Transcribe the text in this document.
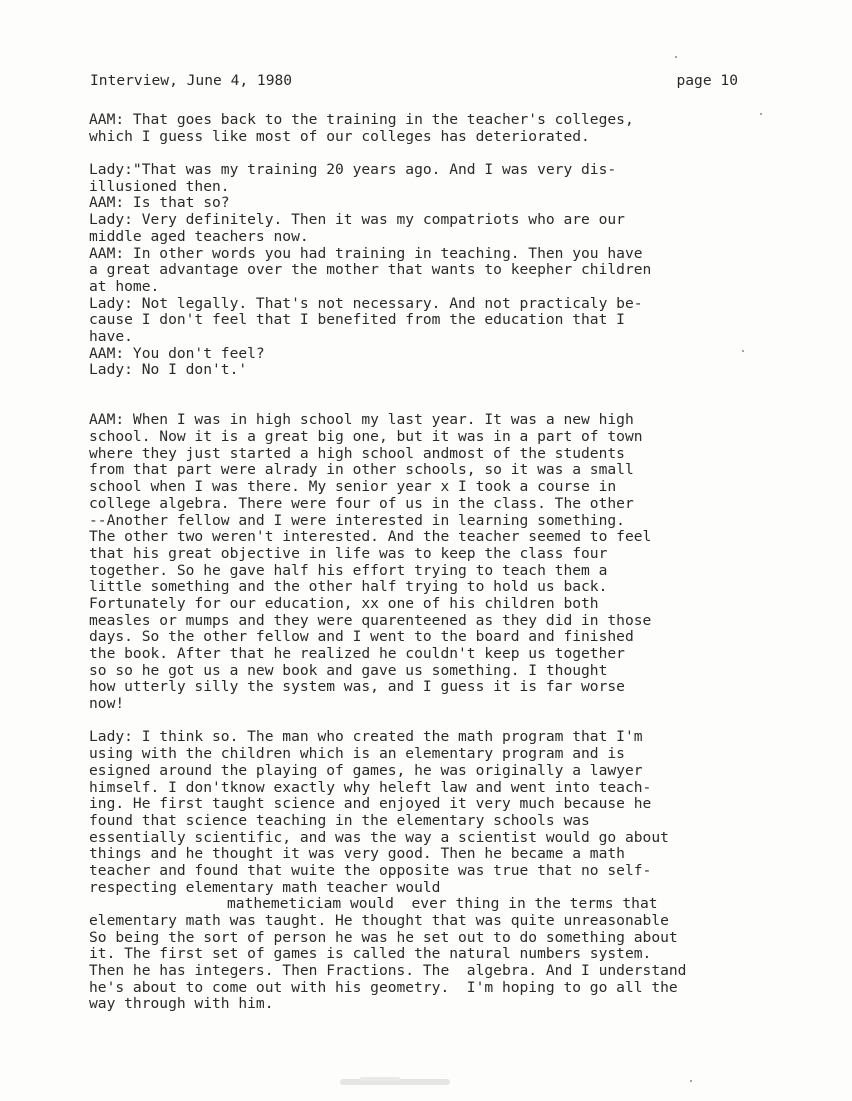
Interview, June 4, 1980	page 10
AAM: That goes back to the training in the teacher's colleges,
which I guess like most of our colleges has deteriorated.
Lady:"That was my training 20 years ago. And I was very dis-
illusioned then.
AAM: Is that so?
Lady: Very definitely. Then it was my compatriots who are our
middle aged teachers now.
AAM: In other words you had training in teaching. Then you have
a great advantage over the mother that wants to keepher children
at home.
Lady: Not legally. That's not necessary. And not practicaly be-
cause I don't feel that I benefited from the education that I
have.
AAM: You don't feel?
Lady: No I don't.'
AAM: When I was in high school my last year. It was a new high
school. Now it is a great big one, but it was in a part of town
where they just started a high school andmost of the students
from that part were alrady in other schools, so it was a small
school when I was there. My senior year x I took a course in
college algebra. There were four of us in the class. The other
--Another fellow and I were interested in learning something.
The other two weren't interested. And the teacher seemed to feel
that his great objective in life was to keep the class four
together. So he gave half his effort trying to teach them a
little something and the other half trying to hold us back.
Fortunately for our education, xx one of his children both
measles or mumps and they were quarenteened as they did in those
days. So the other fellow and I went to the board and finished
the book. After that he realized he couldn't keep us together
so so he got us a new book and gave us something. I thought
how utterly silly the system was, and I guess it is far worse
now!
Lady: I think so. The man who created the math program that I'm
using with the children which is an elementary program and is
esigned around the playing of games, he was originally a lawyer
himself. I don'tknow exactly why heleft law and went into teach-
ing. He first taught science and enjoyed it very much because he
found that science teaching in the elementary schools was
essentially scientific, and was the way a scientist would go about
things and he thought it was very good. Then he became a math
teacher and found that wuite the opposite was true that no self-
respecting elementary math teacher would
mathemeticiam would  ever thing in the terms that
elementary math was taught. He thought that was quite unreasonable
So being the sort of person he was he set out to do something about
it. The first set of games is called the natural numbers system.
Then he has integers. Then Fractions. The  algebra. And I understand
he's about to come out with his geometry.  I'm hoping to go all the
way through with him.
